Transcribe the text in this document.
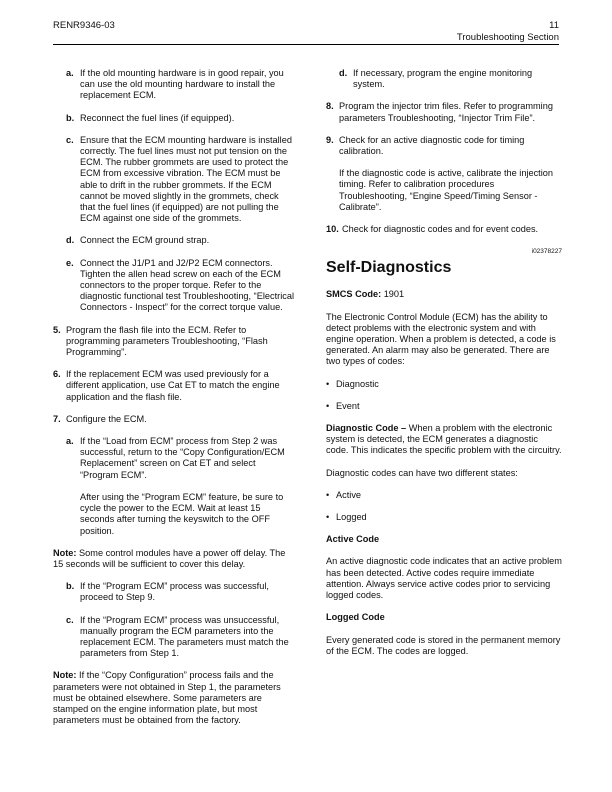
RENR9346-03	11
Troubleshooting Section
a. If the old mounting hardware is in good repair, you can use the old mounting hardware to install the replacement ECM.
b. Reconnect the fuel lines (if equipped).
c. Ensure that the ECM mounting hardware is installed correctly. The fuel lines must not put tension on the ECM. The rubber grommets are used to protect the ECM from excessive vibration. The ECM must be able to drift in the rubber grommets. If the ECM cannot be moved slightly in the grommets, check that the fuel lines (if equipped) are not pulling the ECM against one side of the grommets.
d. Connect the ECM ground strap.
e. Connect the J1/P1 and J2/P2 ECM connectors. Tighten the allen head screw on each of the ECM connectors to the proper torque. Refer to the diagnostic functional test Troubleshooting, “Electrical Connectors - Inspect” for the correct torque value.
5. Program the flash file into the ECM. Refer to programming parameters Troubleshooting, “Flash Programming”.
6. If the replacement ECM was used previously for a different application, use Cat ET to match the engine application and the flash file.
7. Configure the ECM.
a. If the “Load from ECM” process from Step 2 was successful, return to the “Copy Configuration/ECM Replacement” screen on Cat ET and select “Program ECM”.
After using the “Program ECM” feature, be sure to cycle the power to the ECM. Wait at least 15 seconds after turning the keyswitch to the OFF position.

Note: Some control modules have a power off delay. The 15 seconds will be sufficient to cover this delay.

b. If the “Program ECM” process was successful, proceed to Step 9.
c. If the “Program ECM” process was unsuccessful, manually program the ECM parameters into the replacement ECM. The parameters must match the parameters from Step 1.

Note: If the “Copy Configuration” process fails and the parameters were not obtained in Step 1, the parameters must be obtained elsewhere. Some parameters are stamped on the engine information plate, but most parameters must be obtained from the factory.

d. If necessary, program the engine monitoring system.
8. Program the injector trim files. Refer to programming parameters Troubleshooting, “Injector Trim File”.
9. Check for an active diagnostic code for timing calibration.
If the diagnostic code is active, calibrate the injection timing. Refer to calibration procedures Troubleshooting, “Engine Speed/Timing Sensor - Calibrate”.
10. Check for diagnostic codes and for event codes.
i02378227
Self-Diagnostics

SMCS Code: 1901

The Electronic Control Module (ECM) has the ability to detect problems with the electronic system and with engine operation. When a problem is detected, a code is generated. An alarm may also be generated. There are two types of codes:

• Diagnostic
• Event

Diagnostic Code – When a problem with the electronic system is detected, the ECM generates a diagnostic code. This indicates the specific problem with the circuitry.

Diagnostic codes can have two different states:

• Active
• Logged
Active Code

An active diagnostic code indicates that an active problem has been detected. Active codes require immediate attention. Always service active codes prior to servicing logged codes.

Logged Code

Every generated code is stored in the permanent memory of the ECM. The codes are logged.
